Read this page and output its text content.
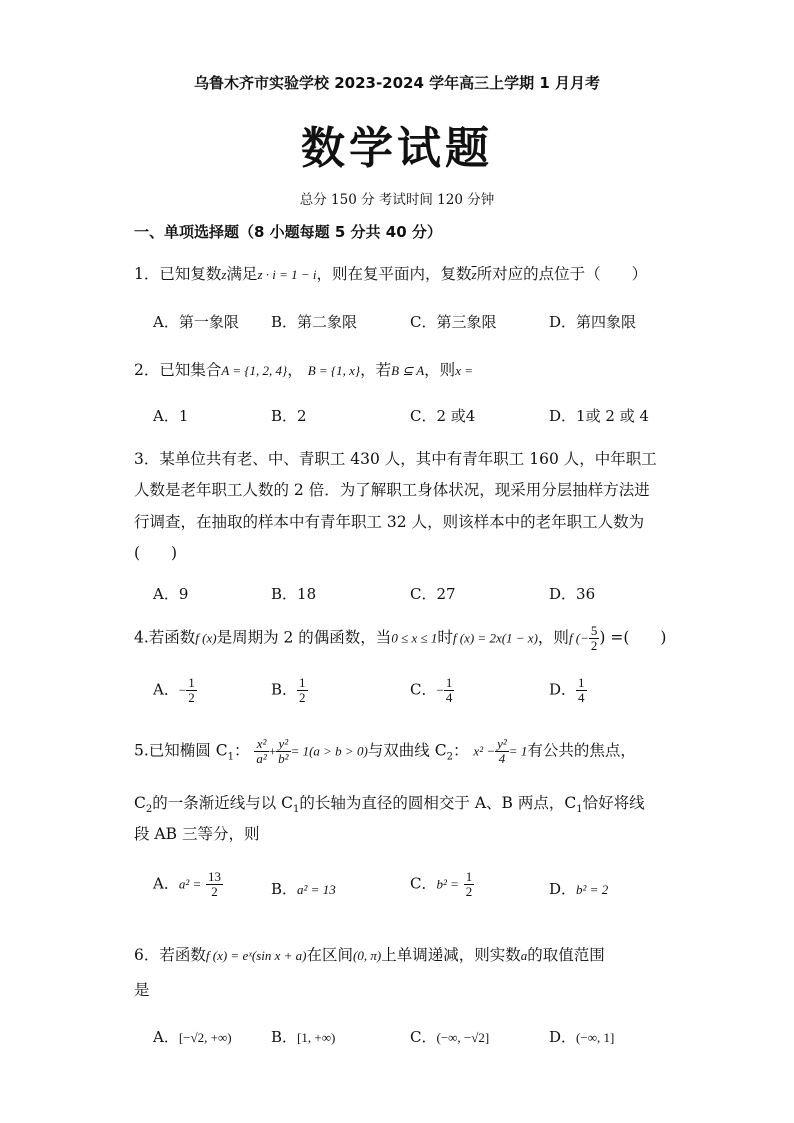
乌鲁木齐市实验学校 2023-2024 学年高三上学期 1 月月考
数学试题
总分 150 分 考试时间 120 分钟
一、单项选择题（8 小题每题 5 分共 40 分）
1．已知复数z满足z · i = 1 − i，则在复平面内，复数$\overline{z}$所对应的点位于（　　）
A．第一象限 B．第二象限	C．第三象限	D．第四象限
2．已知集合A = {1, 2, 4}， B = {1, x}，若B ⊆ A，则x =
A．1	B．2	C．2 或4	D．1或 2 或 4
3．某单位共有老、中、青职工 430 人，其中有青年职工 160 人，中年职工
人数是老年职工人数的 2 倍．为了解职工身体状况，现采用分层抽样方法进
行调查，在抽取的样本中有青年职工 32 人，则该样本中的老年职工人数为
(　　)
A．9	B．18	C．27	D．36
4.若函数f (x)是周期为 2 的偶函数，当0 ≤ x ≤ 1时f (x) = 2x(1 − x)，则f (− $\frac{5}{2}$ ) =(　　)
A．− $\frac{1}{2}$	B． $\frac{1}{2}$	C．− $\frac{1}{4}$	D． $\frac{1}{4}$
5.已知椭圆 $C_1$： $\frac{\text{x²}}{\text{a²}} + \frac{\text{y²}}{\text{b²}} = 1(a > b > 0)$与双曲线 $C_2$： $x^2 - \frac{\text{y²}}{4} = 1$有公共的焦点，
$C_2$的一条渐近线与以 $C_1$的长轴为直径的圆相交于 A、B 两点，$C_1$恰好将线
段 AB 三等分，则
A．$a^2 = \frac{13}{2}$	B．a² = 13	C．$b^2 = \frac{1}{2}$	D．b² = 2
6．若函数f (x) = eˣ(sin x + a)在区间(0, π)上单调递减，则实数a的取值范围
是
A．[−√2, +∞)	B．[1, +∞)	C．(−∞, −√2]	D．(−∞, 1]
